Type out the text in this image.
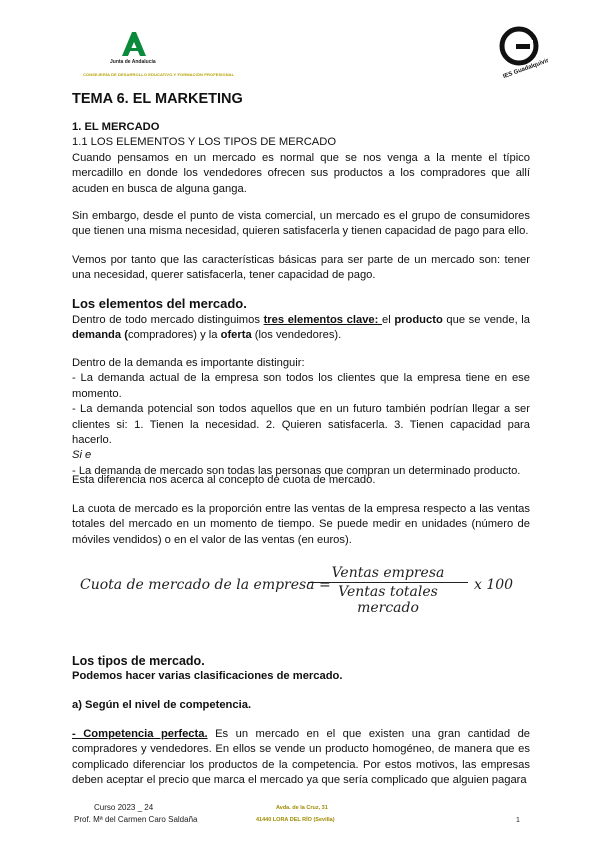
Junta de Andalucía
CONSEJERÍA DE DESARROLLO EDUCATIVO Y FORMACIÓN PROFESIONAL	IES Guadalquivir
TEMA 6. EL MARKETING

1. EL MERCADO

1.1 LOS ELEMENTOS Y LOS TIPOS DE MERCADO

Cuando pensamos en un mercado es normal que se nos venga a la mente el típico mercadillo en donde los vendedores ofrecen sus productos a los compradores que allí acuden en busca de alguna ganga.

Sin embargo, desde el punto de vista comercial, un mercado es el grupo de consumidores que tienen una misma necesidad, quieren satisfacerla y tienen capacidad de pago para ello.
Vemos por tanto que las características básicas para ser parte de un mercado son: tener una necesidad, querer satisfacerla, tener capacidad de pago.
Los elementos del mercado.
Dentro de todo mercado distinguimos tres elementos clave: el producto que se vende, la demanda (compradores) y la oferta (los vendedores).

Dentro de la demanda es importante distinguir:

- La demanda actual de la empresa son todos los clientes que la empresa tiene en ese momento.

- La demanda potencial son todos aquellos que en un futuro también podrían llegar a ser clientes si: 1. Tienen la necesidad. 2. Quieren satisfacerla. 3. Tienen capacidad para hacerlo.

Si e

- La demanda de mercado son todas las personas que compran un determinado producto.

Esta diferencia nos acerca al concepto de cuota de mercado.
La cuota de mercado es la proporción entre las ventas de la empresa respecto a las ventas totales del mercado en un momento de tiempo. Se puede medir en unidades (número de móviles vendidos) o en el valor de las ventas (en euros).
Cuota de mercado de la empresa =
Ventas empresa
Ventas totales mercado
x 100
Los tipos de mercado.
Podemos hacer varias clasificaciones de mercado.
a) Según el nivel de competencia.
- Competencia perfecta. Es un mercado en el que existen una gran cantidad de compradores y vendedores. En ellos se vende un producto homogéneo, de manera que es complicado diferenciar los productos de la competencia. Por estos motivos, las empresas deben aceptar el precio que marca el mercado ya que sería complicado que alguien pagara
Curso 2023 _ 24
Prof. Mª del Carmen Caro Saldaña
Avda. de la Cruz, 31
41440 LORA DEL RÍO (Sevilla)	1
